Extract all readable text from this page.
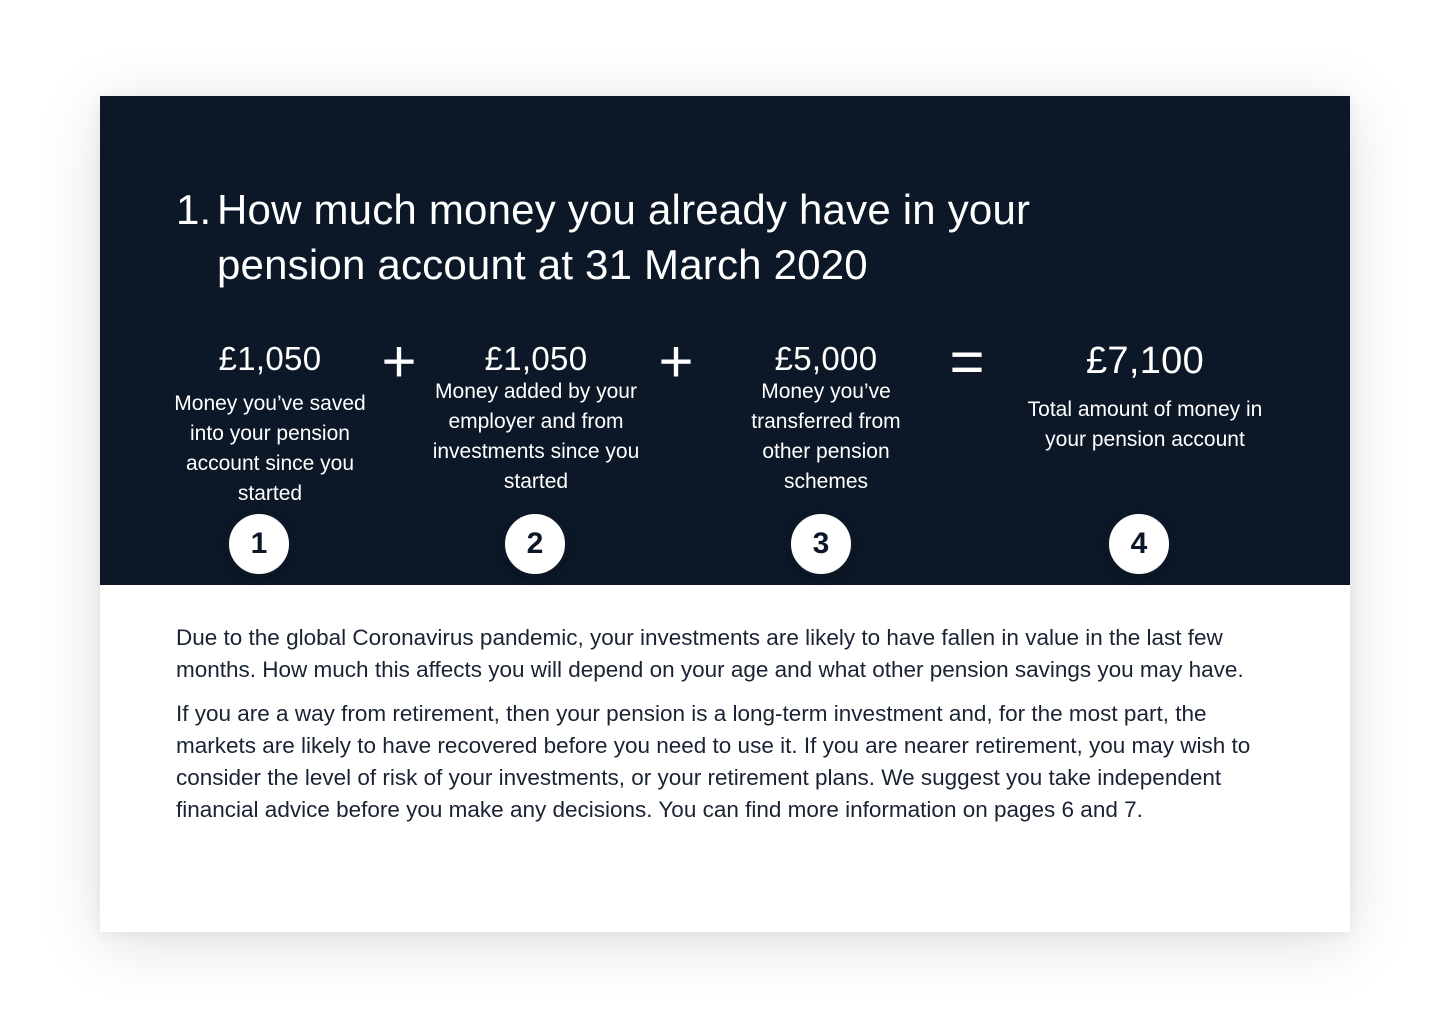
1. How much money you already have in your pension account at 31 March 2020
£1,050
Money you’ve saved into your pension account since you started
+	£1,050
Money added by your employer and from investments since you started
+	£5,000
Money you’ve transferred from other pension schemes
=	£7,100
Total amount of money in your pension account
1	2	3	4

Due to the global Coronavirus pandemic, your investments are likely to have fallen in value in the last few months. How much this affects you will depend on your age and what other pension savings you may have.

If you are a way from retirement, then your pension is a long-term investment and, for the most part, the markets are likely to have recovered before you need to use it. If you are nearer retirement, you may wish to consider the level of risk of your investments, or your retirement plans. We suggest you take independent financial advice before you make any decisions. You can find more information on pages 6 and 7.
